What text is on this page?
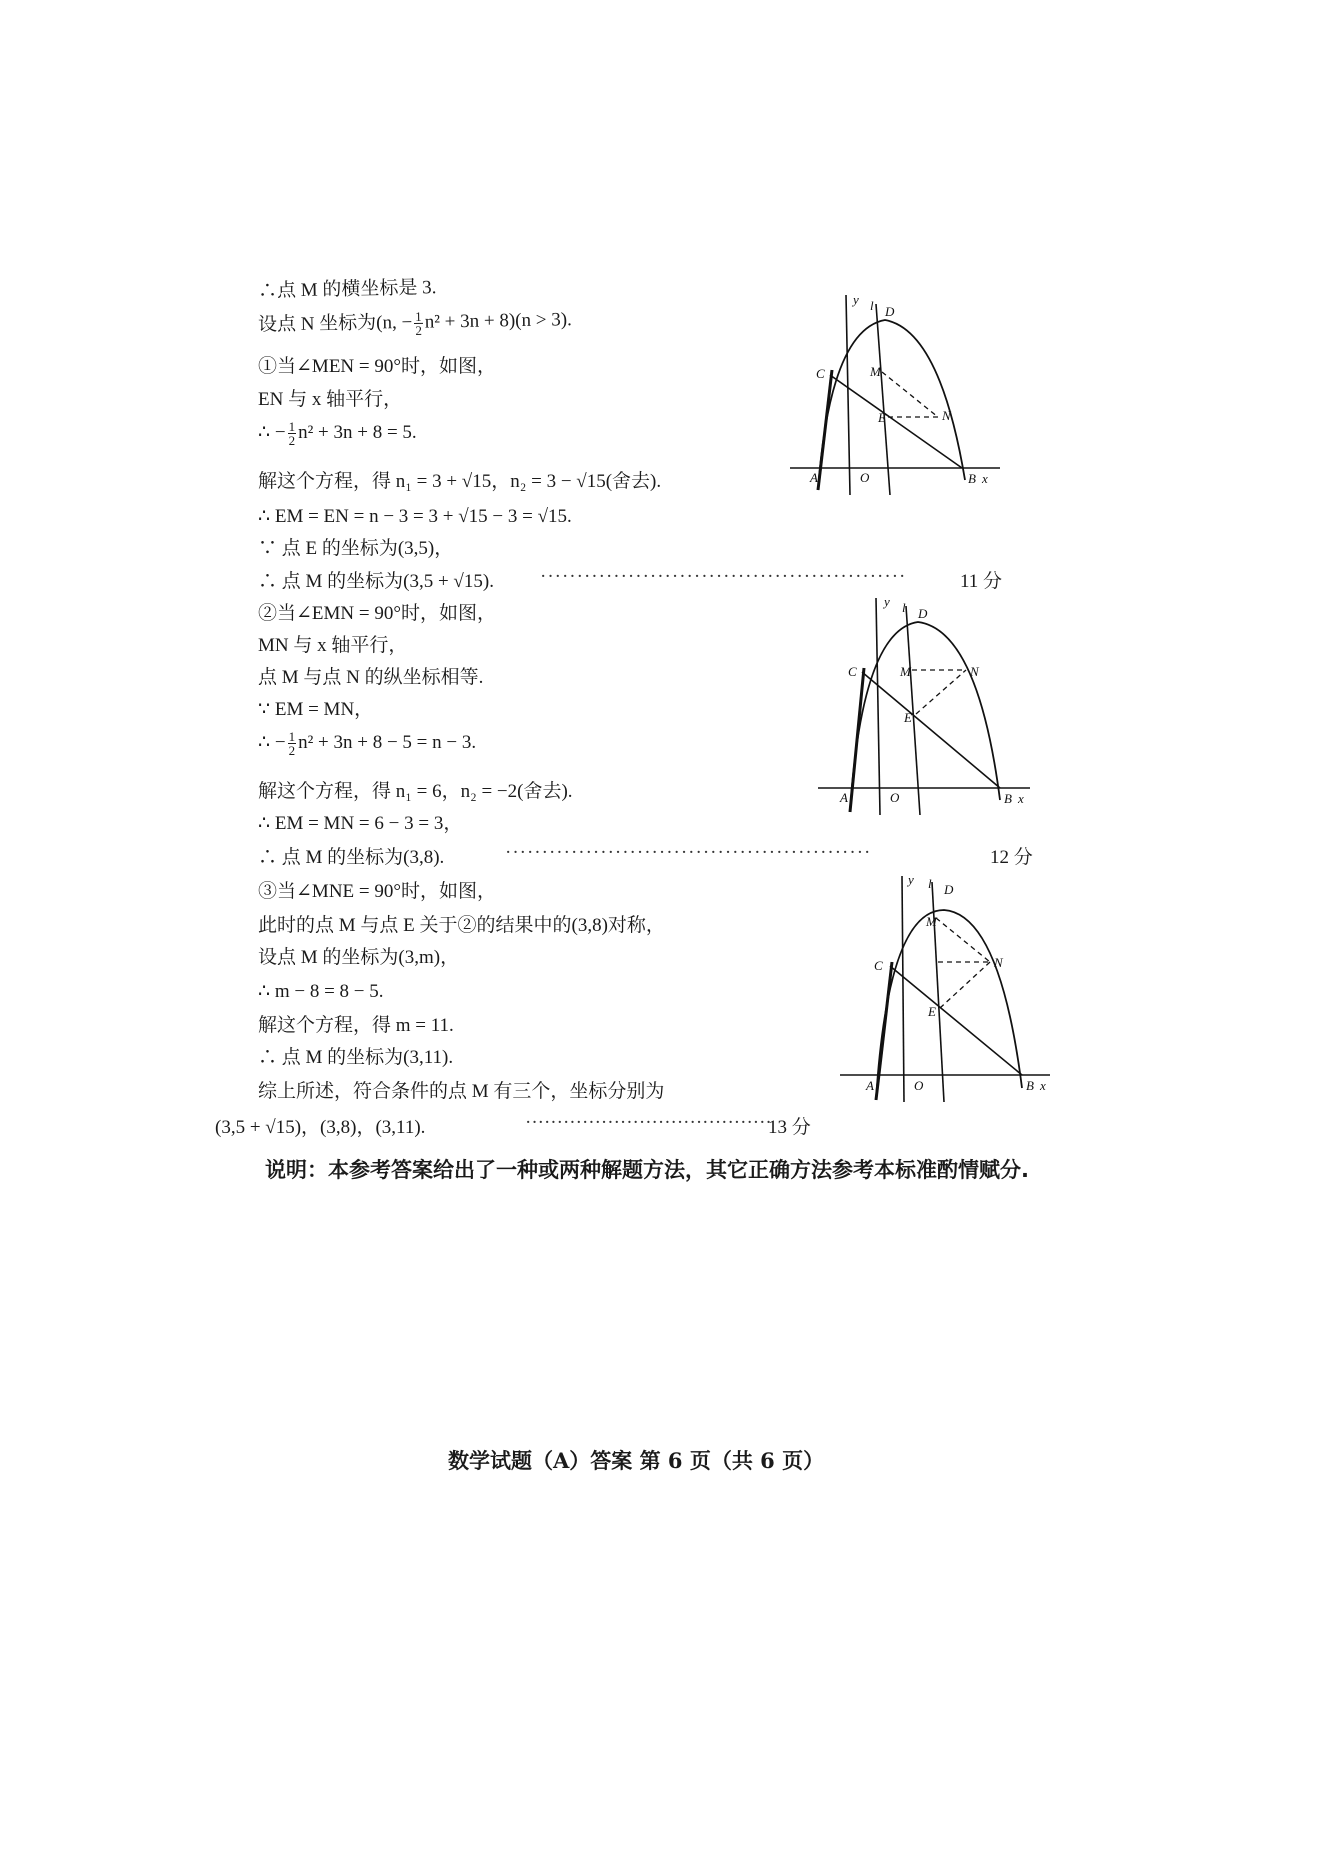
∴点 M 的横坐标是 3.
设点 N 坐标为(n, − $\frac{1}{2} n^2 + 3n + 8)(n > 3)$.
①当∠MEN = 90°时，如图，
EN 与 x 轴平行，
∴ − $\frac{1}{2} n^2 + 3n + 8 = 5$.
解这个方程，得 n₁ = 3 + √15，n₂ = 3 − √15(舍去).
∴ EM = EN = n − 3 = 3 + √15 − 3 = √15.
∵ 点 E 的坐标为(3,5)，
∴ 点 M 的坐标为(3,5 + √15). ··················································	11 分
②当∠EMN = 90°时，如图，
MN 与 x 轴平行，
点 M 与点 N 的纵坐标相等.
∵ EM = MN，
∴ − $\frac{1}{2} n^2 + 3n + 8 - 5 = n - 3$.
解这个方程，得 n₁ = 6，n₂ = −2(舍去).
∴ EM = MN = 6 − 3 = 3，
∴ 点 M 的坐标为(3,8).	··················································	12 分
③当∠MNE = 90°时，如图，
此时的点 M 与点 E 关于②的结果中的(3,8)对称，
设点 M 的坐标为(3,m)，
∴ m − 8 = 8 − 5.
解这个方程，得 m = 11.
∴ 点 M 的坐标为(3,11).
综上所述，符合条件的点 M 有三个，坐标分别为
(3,5 + √15)，(3,8)，(3,11).	·······································
13 分
说明：本参考答案给出了一种或两种解题方法，其它正确方法参考本标准酌情赋分.
数学试题（A）答案 第 6 页（共 6 页）
y l D
C	M
E	N
A	O	B x
y l D
C	M
E
N
A	O	B x
y l D
C
M
E
N
A	O	B x
